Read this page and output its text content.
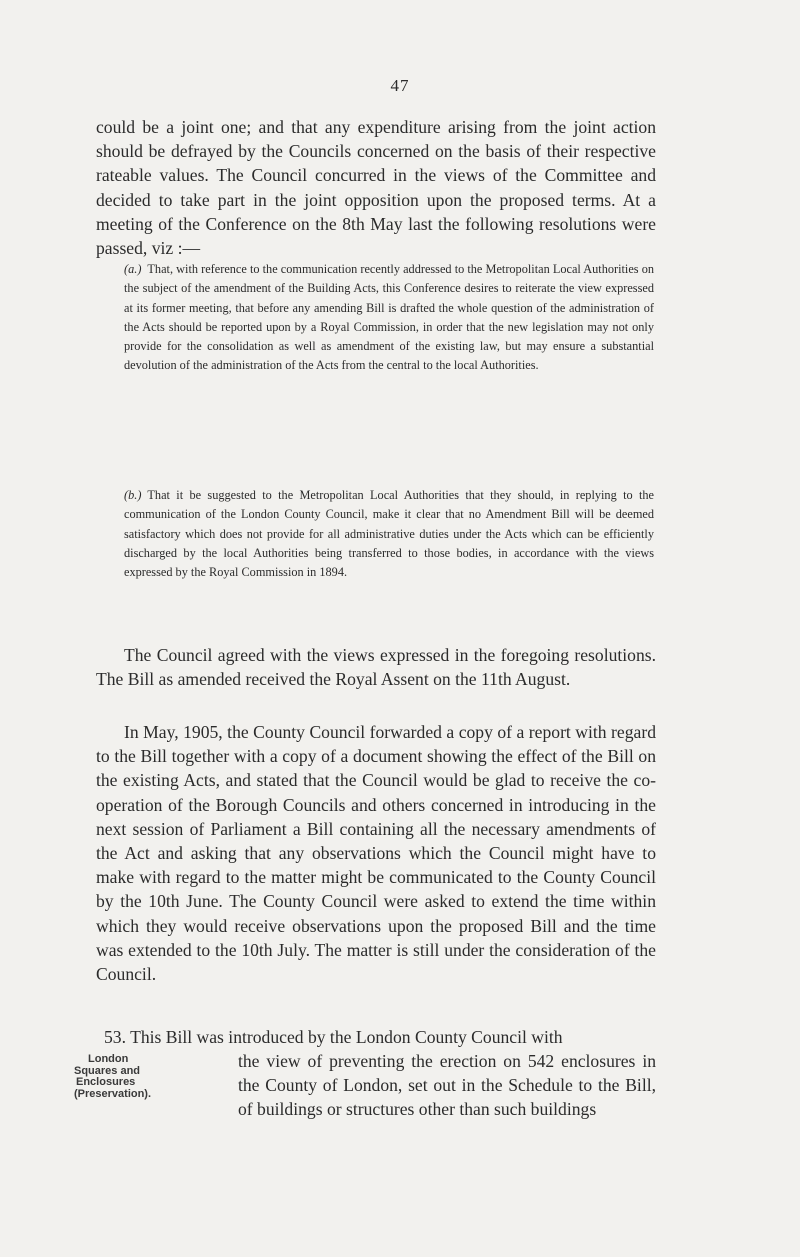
47

could be a joint one; and that any expenditure arising from the joint action should be defrayed by the Councils concerned on the basis of their respective rateable values. The Council concurred in the views of the Committee and decided to take part in the joint opposition upon the proposed terms. At a meeting of the Conference on the 8th May last the following resolutions were passed, viz :—

(a.) That, with reference to the communication recently addressed to the Metropolitan Local Authorities on the subject of the amendment of the Building Acts, this Conference desires to reiterate the view expressed at its former meeting, that before any amending Bill is drafted the whole question of the administration of the Acts should be reported upon by a Royal Commission, in order that the new legislation may not only provide for the consolidation as well as amendment of the existing law, but may ensure a substantial devolution of the administration of the Acts from the central to the local Authorities.

(b.) That it be suggested to the Metropolitan Local Authorities that they should, in replying to the communication of the London County Council, make it clear that no Amendment Bill will be deemed satisfactory which does not provide for all administrative duties under the Acts which can be efficiently discharged by the local Authorities being transferred to those bodies, in accordance with the views expressed by the Royal Commission in 1894.

The Council agreed with the views expressed in the foregoing resolutions. The Bill as amended received the Royal Assent on the 11th August.

In May, 1905, the County Council forwarded a copy of a report with regard to the Bill together with a copy of a document showing the effect of the Bill on the existing Acts, and stated that the Council would be glad to receive the co-operation of the Borough Councils and others concerned in introducing in the next session of Parliament a Bill containing all the necessary amendments of the Act and asking that any observations which the Council might have to make with regard to the matter might be communicated to the County Council by the 10th June. The County Council were asked to extend the time within which they would receive observations upon the proposed Bill and the time was extended to the 10th July. The matter is still under the consideration of the Council.

53. This Bill was introduced by the London County Council with

the view of preventing the erection on 542 enclosures in the County of London, set out in the Schedule to the Bill, of buildings or structures other than such buildings

London
Squares and
Enclosures
(Preservation).
